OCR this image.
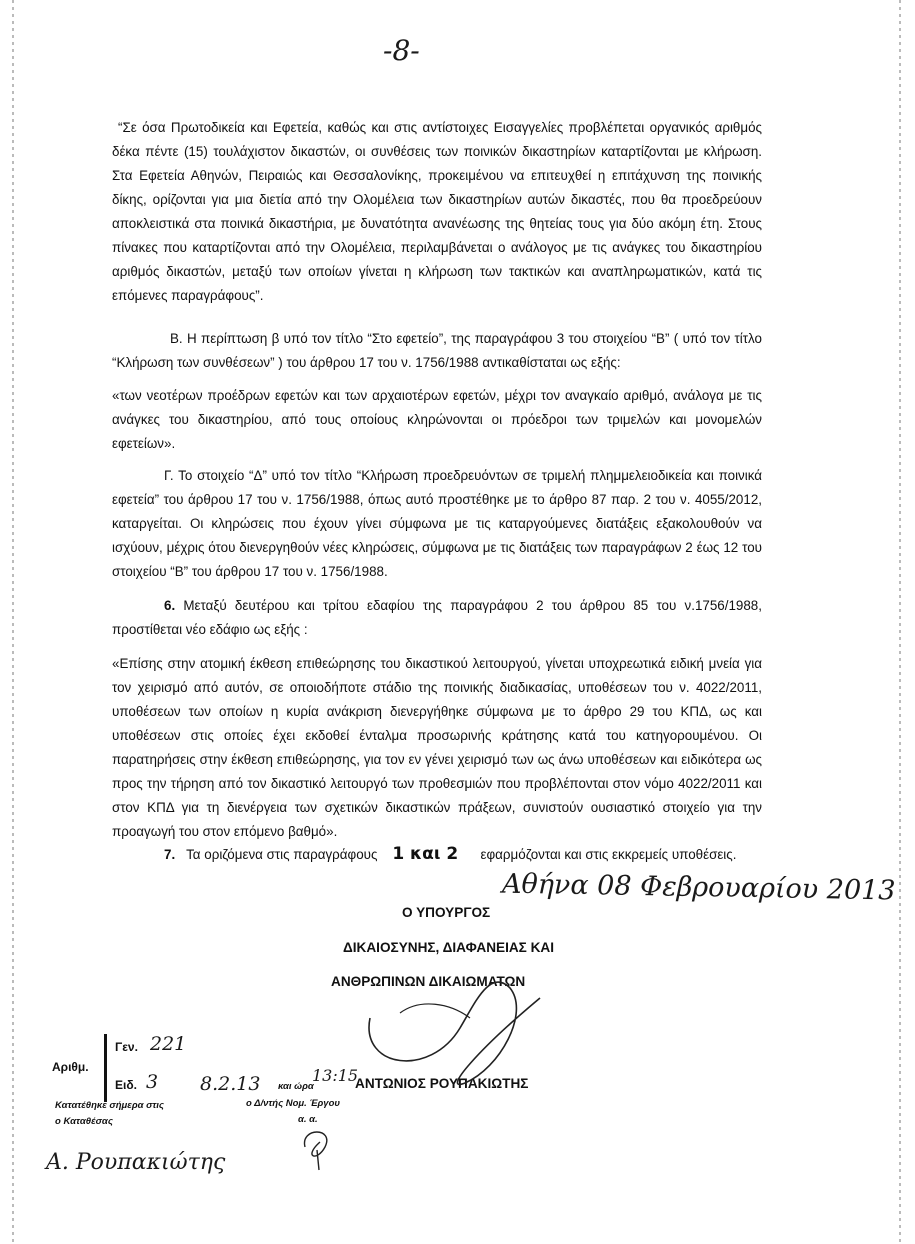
-8-

“Σε όσα Πρωτοδικεία και Εφετεία, καθώς και στις αντίστοιχες Εισαγγελίες προβλέπεται οργανικός αριθμός δέκα πέντε (15) τουλάχιστον δικαστών, οι συνθέσεις των ποινικών δικαστηρίων καταρτίζονται με κλήρωση. Στα Εφετεία Αθηνών, Πειραιώς και Θεσσαλονίκης, προκειμένου να επιτευχθεί η επιτάχυνση της ποινικής δίκης, ορίζονται για μια διετία από την Ολομέλεια των δικαστηρίων αυτών δικαστές, που θα προεδρεύουν αποκλειστικά στα ποινικά δικαστήρια, με δυνατότητα ανανέωσης της θητείας τους για δύο ακόμη έτη. Στους πίνακες που καταρτίζονται από την Ολομέλεια, περιλαμβάνεται ο ανάλογος με τις ανάγκες του δικαστηρίου αριθμός δικαστών, μεταξύ των οποίων γίνεται η κλήρωση των τακτικών και αναπληρωματικών, κατά τις επόμενες παραγράφους”.

Β. Η περίπτωση β υπό τον τίτλο “Στο εφετείο”, της παραγράφου 3 του στοιχείου “Β” ( υπό τον τίτλο “Κλήρωση των συνθέσεων” ) του άρθρου 17 του ν. 1756/1988 αντικαθίσταται ως εξής:

«των νεοτέρων προέδρων εφετών και των αρχαιοτέρων εφετών, μέχρι τον αναγκαίο αριθμό, ανάλογα με τις ανάγκες του δικαστηρίου, από τους οποίους κληρώνονται οι πρόεδροι των τριμελών και μονομελών εφετείων».

Γ. Το στοιχείο “Δ” υπό τον τίτλο “Κλήρωση προεδρευόντων σε τριμελή πλημμελειοδικεία και ποινικά εφετεία” του άρθρου 17 του ν. 1756/1988, όπως αυτό προστέθηκε με το άρθρο 87 παρ. 2 του ν. 4055/2012, καταργείται. Οι κληρώσεις που έχουν γίνει σύμφωνα με τις καταργούμενες διατάξεις εξακολουθούν να ισχύουν, μέχρις ότου διενεργηθούν νέες κληρώσεις, σύμφωνα με τις διατάξεις των παραγράφων 2 έως 12 του στοιχείου “Β” του άρθρου 17 του ν. 1756/1988.

6. Μεταξύ δευτέρου και τρίτου εδαφίου της παραγράφου 2 του άρθρου 85 του ν.1756/1988, προστίθεται νέο εδάφιο ως εξής :

«Επίσης στην ατομική έκθεση επιθεώρησης του δικαστικού λειτουργού, γίνεται υποχρεωτικά ειδική μνεία για τον χειρισμό από αυτόν, σε οποιοδήποτε στάδιο της ποινικής διαδικασίας, υποθέσεων του ν. 4022/2011, υποθέσεων των οποίων η κυρία ανάκριση διενεργήθηκε σύμφωνα με το άρθρο 29 του ΚΠΔ, ως και υποθέσεων στις οποίες έχει εκδοθεί ένταλμα προσωρινής κράτησης κατά του κατηγορουμένου. Οι παρατηρήσεις στην έκθεση επιθεώρησης, για τον εν γένει χειρισμό των ως άνω υποθέσεων και ειδικότερα ως προς την τήρηση από τον δικαστικό λειτουργό των προθεσμιών που προβλέπονται στον νόμο 4022/2011 και στον ΚΠΔ για τη διενέργεια των σχετικών δικαστικών πράξεων, συνιστούν ουσιαστικό στοιχείο για την προαγωγή του στον επόμενο βαθμό».

7. Τα οριζόμενα στις παραγράφους 1 και 2 εφαρμόζονται και στις εκκρεμείς υποθέσεις.

Αθήνα 08 Φεβρουαρίου 2013
Ο ΥΠΟΥΡΓΟΣ
ΔΙΚΑΙΟΣΥΝΗΣ, ΔΙΑΦΑΝΕΙΑΣ ΚΑΙ
ΑΝΘΡΩΠΙΝΩΝ ΔΙΚΑΙΩΜΑΤΩΝ
ΑΝΤΩΝΙΟΣ ΡΟΥΠΑΚΙΩΤΗΣ
Αριθμ.
Γεν. 221
Ειδ. 3 8.2.13 και ώρα
13:15
Κατατέθηκε σήμερα στις
ο Καταθέσας
ο Δ/ντής Νομ. Έργου
α. α.
Α. Ρουπακιώτης
